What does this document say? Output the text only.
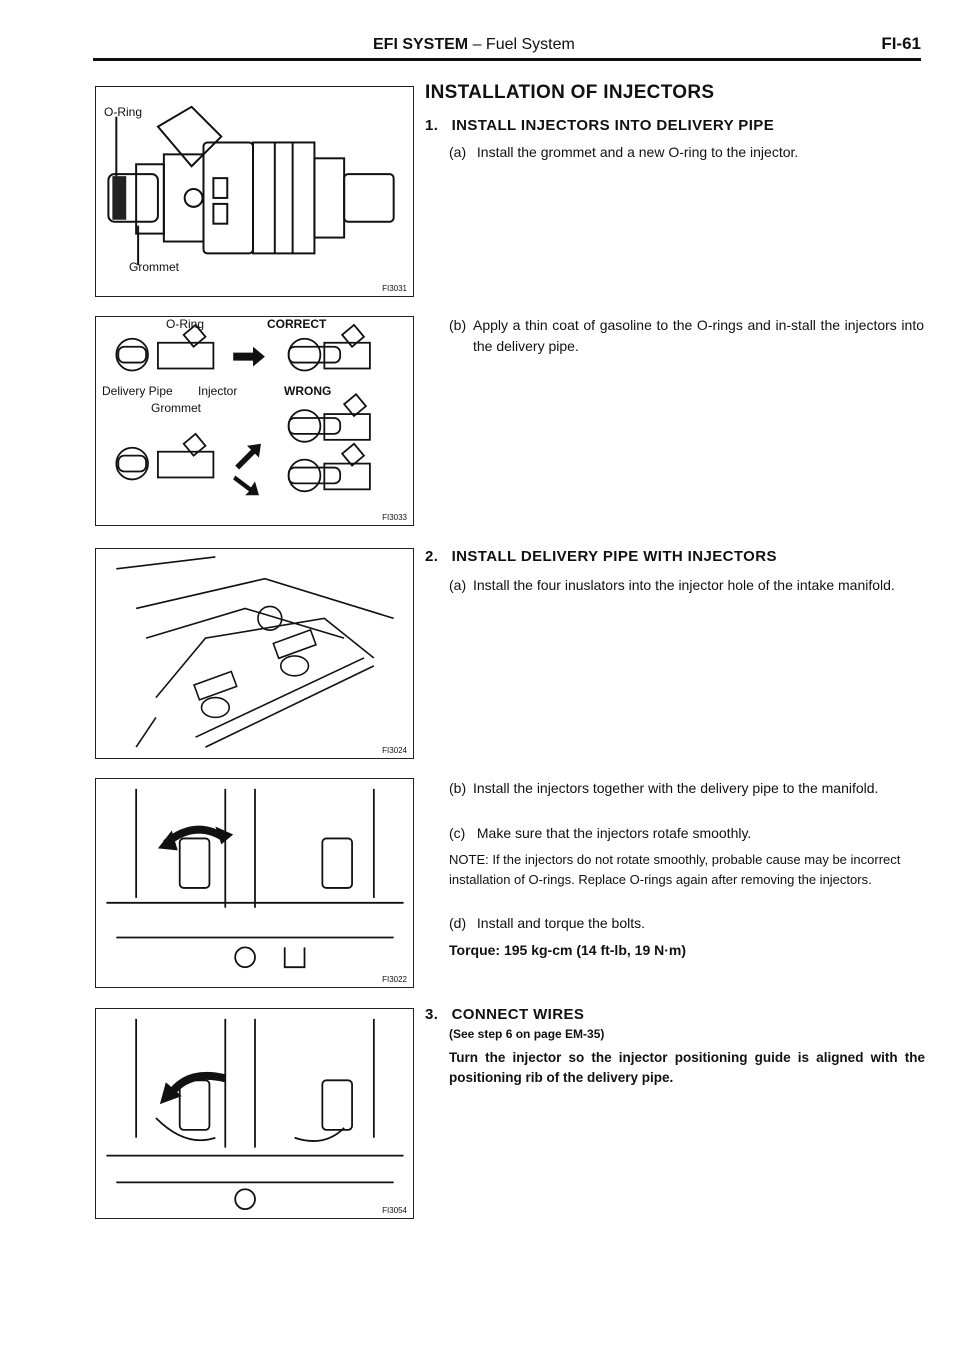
EFI SYSTEM – Fuel System	FI-61
O-Ring
Grommet
FI3031
O-Ring	CORRECT
Delivery Pipe Injector	WRONG
Grommet
FI3033
FI3024
FI3022
FI3054
INSTALLATION OF INJECTORS
1. INSTALL INJECTORS INTO DELIVERY PIPE
(a) Install the grommet and a new O-ring to the injector.
(b) Apply a thin coat of gasoline to the O-rings and in-stall the injectors into the delivery pipe.
2. INSTALL DELIVERY PIPE WITH INJECTORS
(a) Install the four inuslators into the injector hole of the intake manifold.
(b) Install the injectors together with the delivery pipe to the manifold.
(c) Make sure that the injectors rotafe smoothly.
NOTE: If the injectors do not rotate smoothly, probable cause may be incorrect installation of O-rings. Replace O-rings again after removing the injectors.
(d) Install and torque the bolts.
Torque: 195 kg-cm (14 ft-lb, 19 N·m)
3. CONNECT WIRES
(See step 6 on page EM-35)
Turn the injector so the injector positioning guide is aligned with the positioning rib of the delivery pipe.
